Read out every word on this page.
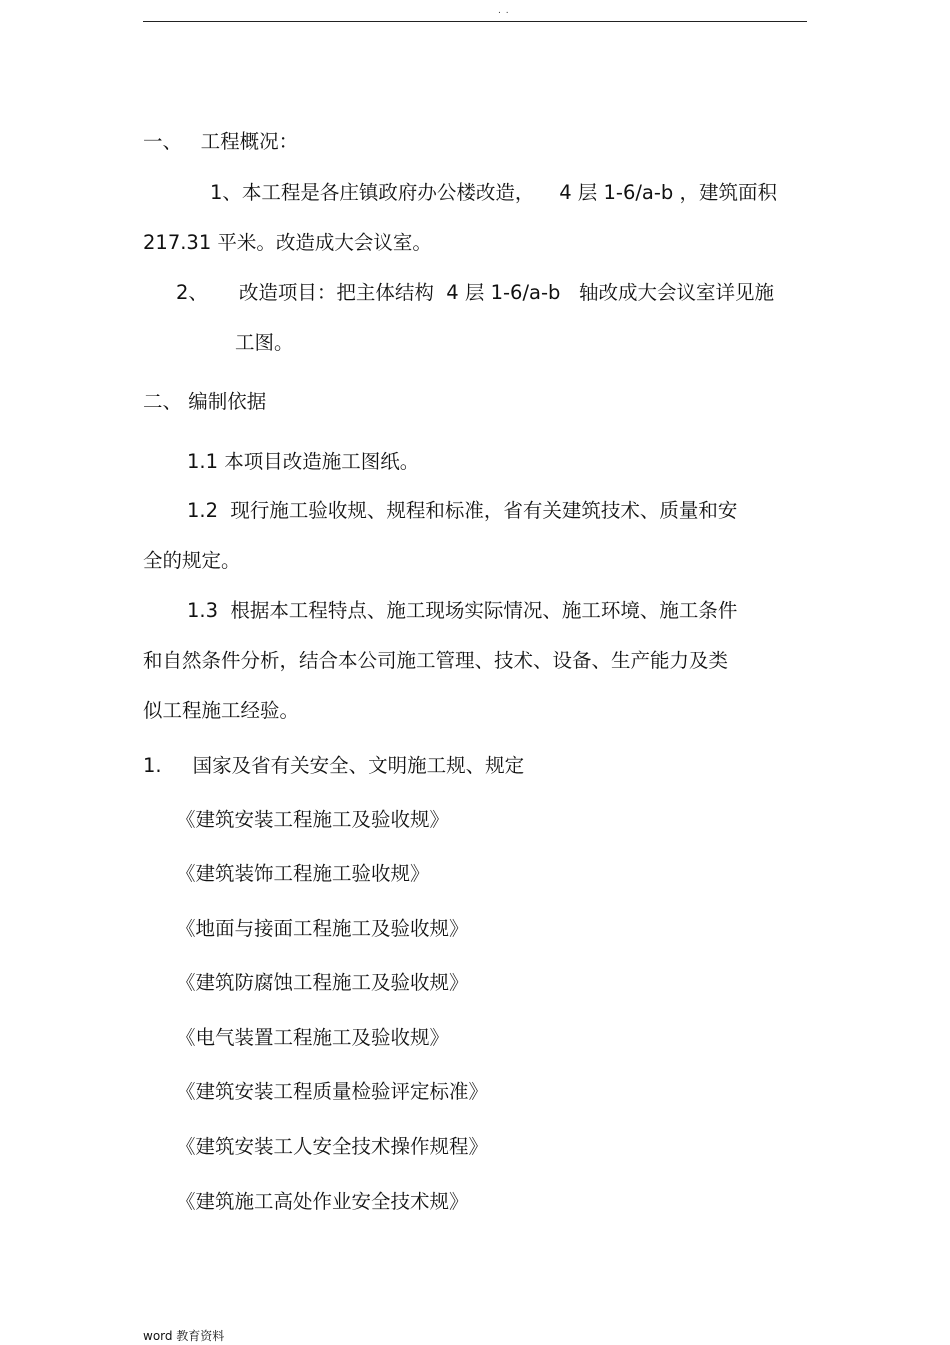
. .
一、   工程概况：
1、本工程是各庄镇政府办公楼改造，    4 层 1-6/a-b ，建筑面积
217.31 平米。改造成大会议室。
2、     改造项目：把主体结构  4 层 1-6/a-b   轴改成大会议室详见施
工图。
二、 编制依据
1.1 本项目改造施工图纸。
1.2  现行施工验收规、规程和标准，省有关建筑技术、质量和安
全的规定。
1.3  根据本工程特点、施工现场实际情况、施工环境、施工条件
和自然条件分析，结合本公司施工管理、技术、设备、生产能力及类
似工程施工经验。
1.     国家及省有关安全、文明施工规、规定
《建筑安装工程施工及验收规》
《建筑装饰工程施工验收规》
《地面与接面工程施工及验收规》
《建筑防腐蚀工程施工及验收规》
《电气装置工程施工及验收规》
《建筑安装工程质量检验评定标准》
《建筑安装工人安全技术操作规程》
《建筑施工高处作业安全技术规》
word 教育资料
